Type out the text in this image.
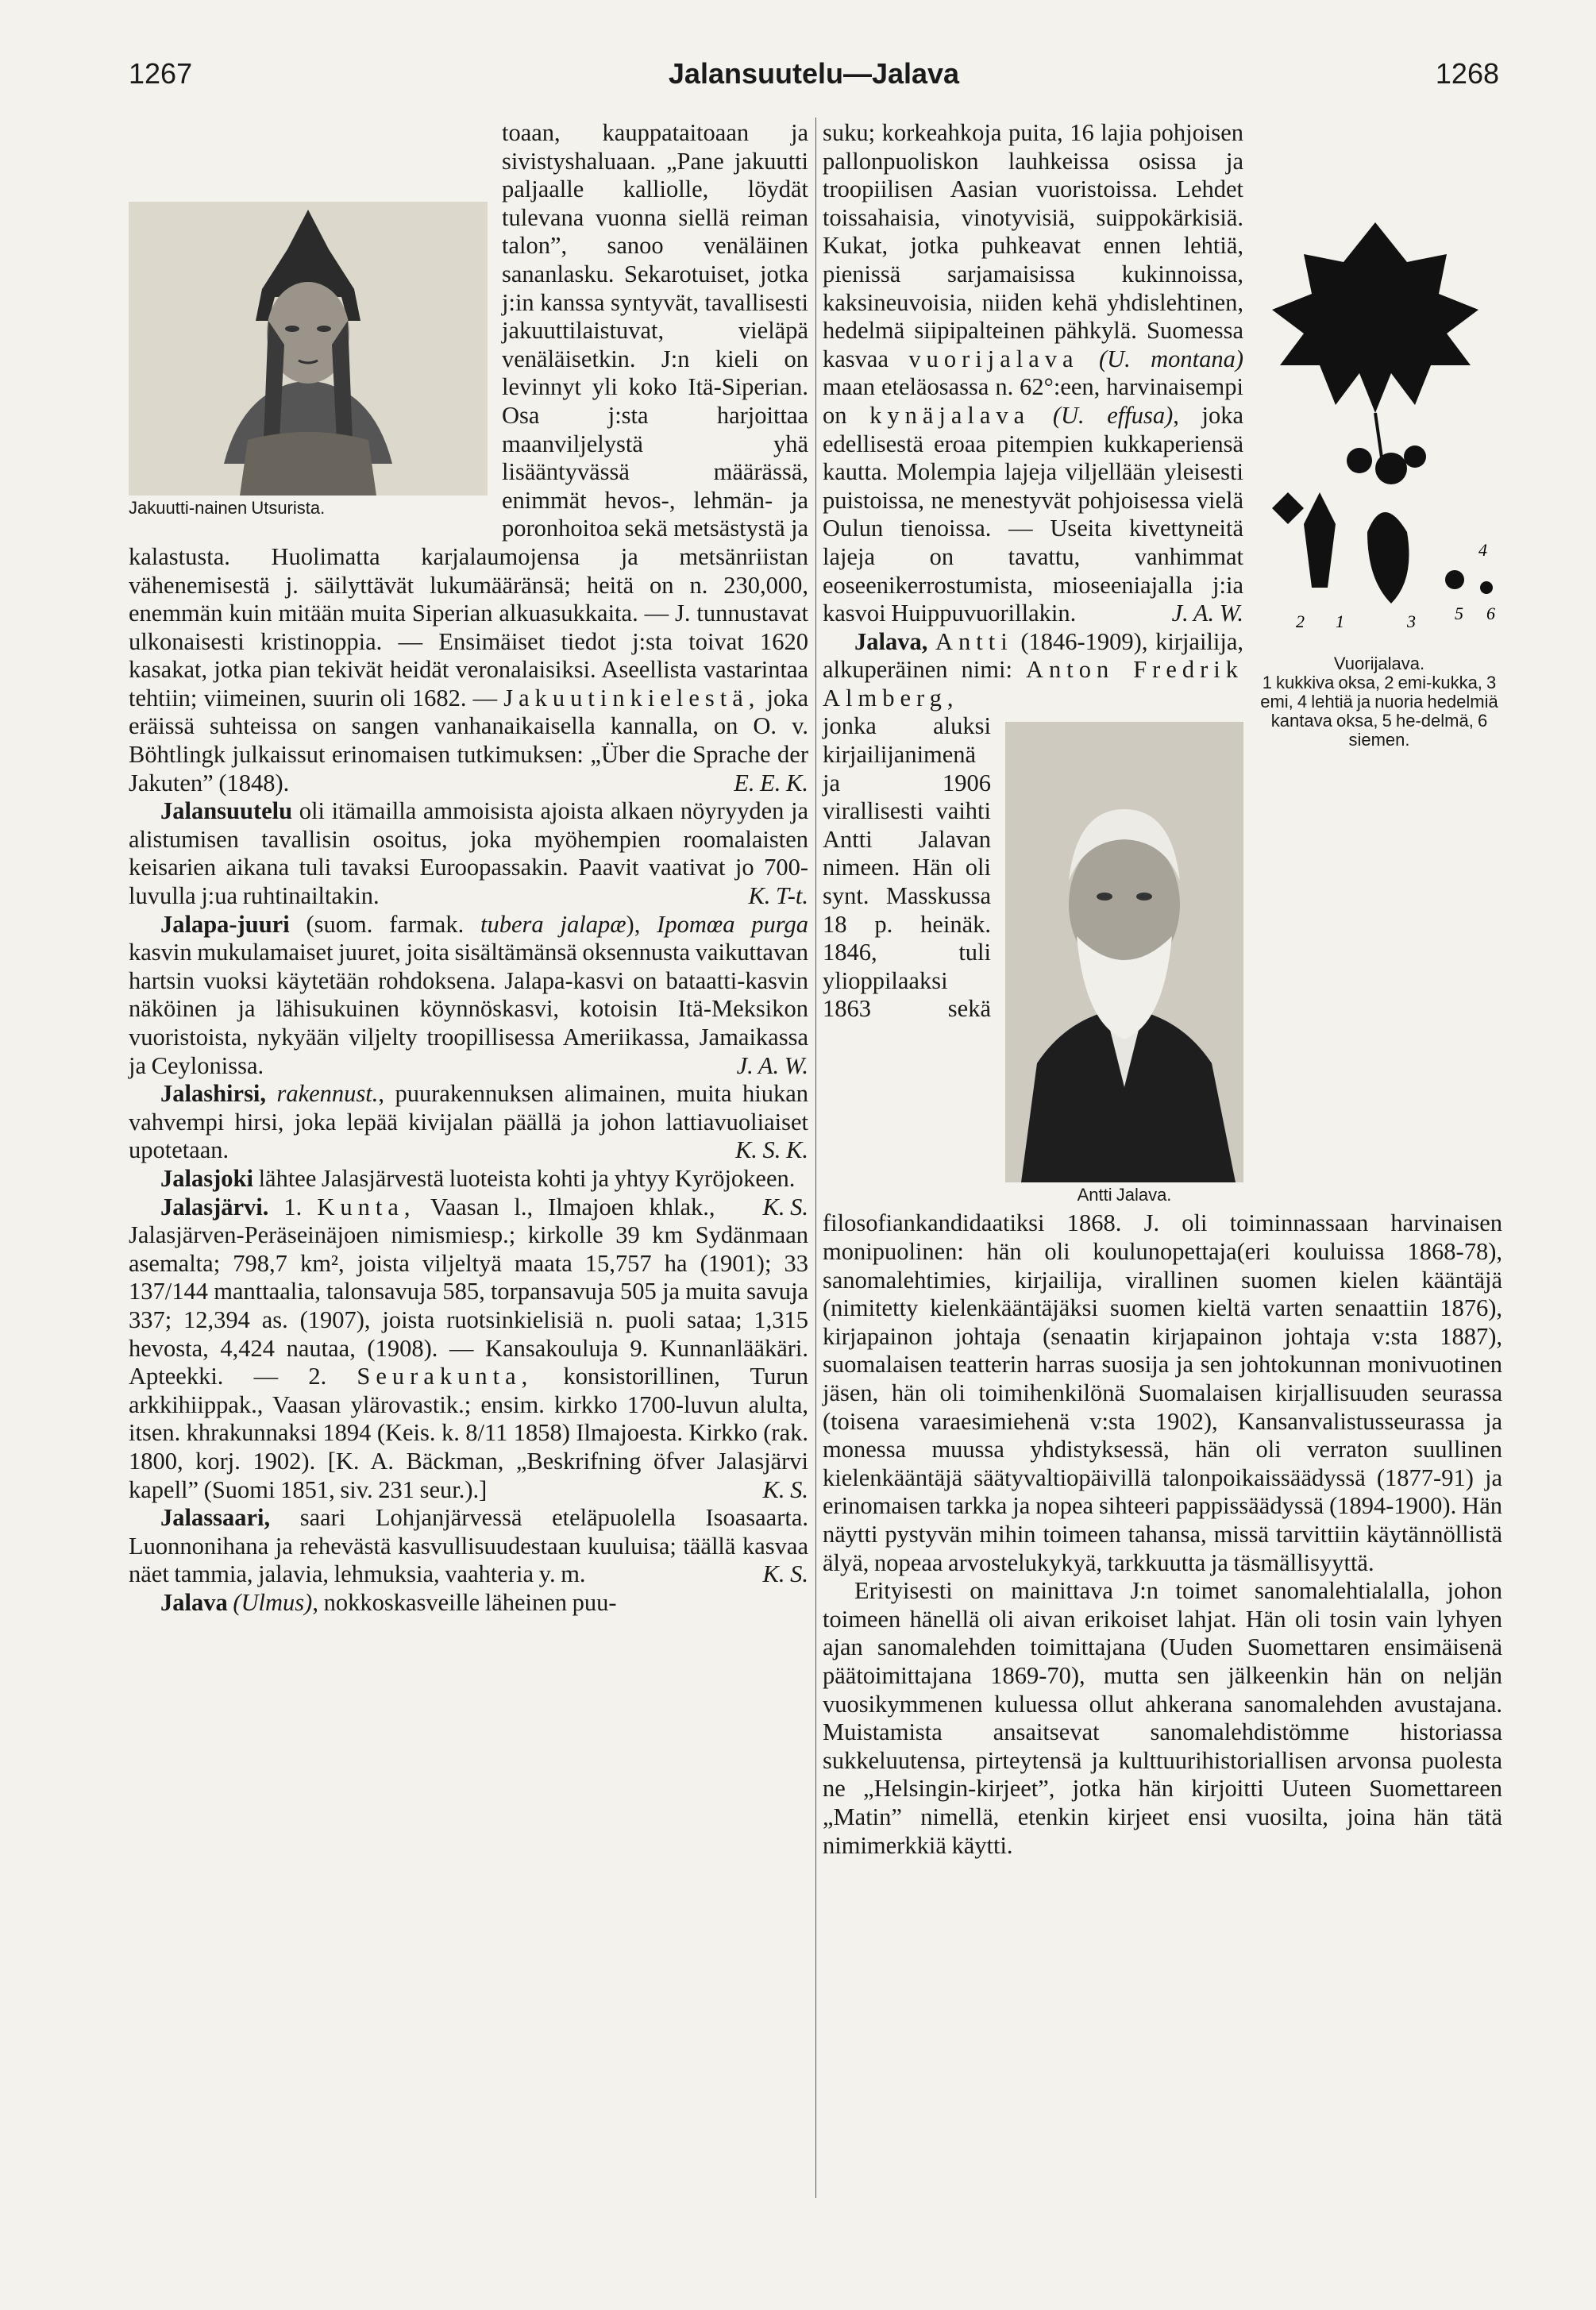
1267	Jalansuutelu—Jalava	1268
Jakuutti-nainen Utsurista.

toaan, kauppataitoaan ja sivistyshaluaan. „Pane jakuutti paljaalle kalliolle, löydät tulevana vuonna siellä reiman talon”, sanoo venäläinen sananlasku. Sekarotuiset, jotka j:in kanssa syntyvät, tavallisesti jakuuttilaistuvat, vieläpä venäläisetkin. J:n kieli on levinnyt yli koko Itä-Siperian. Osa j:sta harjoittaa maanviljelystä yhä lisääntyvässä määrässä, enimmät hevos-, lehmän- ja poronhoitoa sekä metsästystä ja kalastusta. Huolimatta karjalaumojensa ja metsänriistan vähenemisestä j. säilyttävät lukumääränsä; heitä on n. 230,000, enemmän kuin mitään muita Siperian alkuasukkaita. — J. tunnustavat ulkonaisesti kristinoppia. — Ensimäiset tiedot j:sta toivat 1620 kasakat, jotka pian tekivät heidät veronalaisiksi. Aseellista vastarintaa tehtiin; viimeinen, suurin oli 1682. — Jakuutinkielestä, joka eräissä suhteissa on sangen vanhanaikaisella kannalla, on O. v. Böhtlingk julkaissut erinomaisen tutkimuksen: „Über die Sprache der Jakuten” (1848).	E. E. K.

Jalansuutelu oli itämailla ammoisista ajoista alkaen nöyryyden ja alistumisen tavallisin osoitus, joka myöhempien roomalaisten keisarien aikana tuli tavaksi Euroopassakin. Paavit vaativat jo 700-luvulla j:ua ruhtinailtakin.	K. T-t.

Jalapa-juuri (suom. farmak. tubera jalapæ), Ipomœa purga kasvin mukulamaiset juuret, joita sisältämänsä oksennusta vaikuttavan hartsin vuoksi käytetään rohdoksena. Jalapa-kasvi on bataatti-kasvin näköinen ja lähisukuinen köynnöskasvi, kotoisin Itä-Meksikon vuoristoista, nykyään viljelty troopillisessa Ameriikassa, Jamaikassa ja Ceylonissa.	J. A. W.

Jalashirsi, rakennust., puurakennuksen alimainen, muita hiukan vahvempi hirsi, joka lepää kivijalan päällä ja johon lattiavuoliaiset upotetaan.	K. S. K.

Jalasjoki lähtee Jalasjärvestä luoteista kohti ja yhtyy Kyröjokeen.
K. S.

Jalasjärvi. 1. Kunta, Vaasan l., Ilmajoen khlak., Jalasjärven-Peräseinäjoen nimismiesp.; kirkolle 39 km Sydänmaan asemalta; 798,7 km², joista viljeltyä maata 15,757 ha (1901); 33 137/144 manttaalia, talonsavuja 585, torpansavuja 505 ja muita savuja 337; 12,394 as. (1907), joista ruotsinkielisiä n. puoli sataa; 1,315 hevosta, 4,424 nautaa, (1908). — Kansakouluja 9. Kunnanlääkäri. Apteekki. — 2. Seurakunta, konsistorillinen, Turun arkkihiippak., Vaasan ylärovastik.; ensim. kirkko 1700-luvun alulta, itsen. khrakunnaksi 1894 (Keis. k. 8/11 1858) Ilmajoesta. Kirkko (rak. 1800, korj. 1902). [K. A. Bäckman, „Beskrifning öfver Jalasjärvi kapell” (Suomi 1851, siv. 231 seur.).]	K. S.

Jalassaari, saari Lohjanjärvessä eteläpuolella Isoasaarta. Luonnonihana ja rehevästä kasvullisuudestaan kuuluisa; täällä kasvaa näet tammia, jalavia, lehmuksia, vaahteria y. m.	K. S.

Jalava (Ulmus), nokkoskasveille läheinen puu-

2 1	3 5 6
4
Vuorijalava.
1 kukkiva oksa, 2 emi-kukka, 3 emi, 4 lehtiä ja nuoria hedelmiä kantava oksa, 5 he-delmä, 6 siemen.

suku; korkeahkoja puita, 16 lajia pohjoisen pallonpuoliskon lauhkeissa osissa ja troopiilisen Aasian vuoristoissa. Lehdet toissahaisia, vinotyvisiä, suippokärkisiä. Kukat, jotka puhkeavat ennen lehtiä, pienissä sarjamaisissa kukinnoissa, kaksineuvoisia, niiden kehä yhdislehtinen, hedelmä siipipalteinen pähkylä. Suomessa kasvaa vuorijalava (U. montana) maan eteläosassa n. 62°:een, harvinaisempi on kynäjalava (U. effusa), joka edellisestä eroaa pitempien kukkaperiensä kautta. Molempia lajeja viljellään yleisesti puistoissa, ne menestyvät pohjoisessa vielä Oulun tienoissa. — Useita kivettyneitä lajeja on tavattu, vanhimmat eoseenikerrostumista, mioseeniajalla j:ia kasvoi Huippuvuorillakin.	J. A. W.

Jalava, Antti (1846-1909), kirjailija, alkuperäinen nimi: Anton Fredrik Almberg,

Antti Jalava.
jonka aluksi kirjailijanimenä ja 1906 virallisesti vaihti Antti Jalavan nimeen. Hän oli synt. Masskussa 18 p. heinäk. 1846, tuli ylioppilaaksi 1863 sekä filosofiankandidaatiksi 1868. J. oli toiminnassaan harvinaisen monipuolinen: hän oli koulunopettaja(eri kouluissa 1868-78), sanomalehtimies, kirjailija, virallinen suomen kielen kääntäjä (nimitetty kielenkääntäjäksi suomen kieltä varten senaattiin 1876), kirjapainon johtaja (senaatin kirjapainon johtaja v:sta 1887), suomalaisen teatterin harras suosija ja sen johtokunnan monivuotinen jäsen, hän oli toimihenkilönä Suomalaisen kirjallisuuden seurassa (toisena varaesimiehenä v:sta 1902), Kansanvalistusseurassa ja monessa muussa yhdistyksessä, hän oli verraton suullinen kielenkääntäjä säätyvaltiopäivillä talonpoikaissäädyssä (1877-91) ja erinomaisen tarkka ja nopea sihteeri pappissäädyssä (1894-1900). Hän näytti pystyvän mihin toimeen tahansa, missä tarvittiin käytännöllistä älyä, nopeaa arvostelukykyä, tarkkuutta ja täsmällisyyttä.

Erityisesti on mainittava J:n toimet sanomalehtialalla, johon toimeen hänellä oli aivan erikoiset lahjat. Hän oli tosin vain lyhyen ajan sanomalehden toimittajana (Uuden Suomettaren ensimäisenä päätoimittajana 1869-70), mutta sen jälkeenkin hän on neljän vuosikymmenen kuluessa ollut ahkerana sanomalehden avustajana. Muistamista ansaitsevat sanomalehdistömme historiassa sukkeluutensa, pirteytensä ja kulttuurihistoriallisen arvonsa puolesta ne „Helsingin-kirjeet”, jotka hän kirjoitti Uuteen Suomettareen „Matin” nimellä, etenkin kirjeet ensi vuosilta, joina hän tätä nimimerkkiä käytti.
